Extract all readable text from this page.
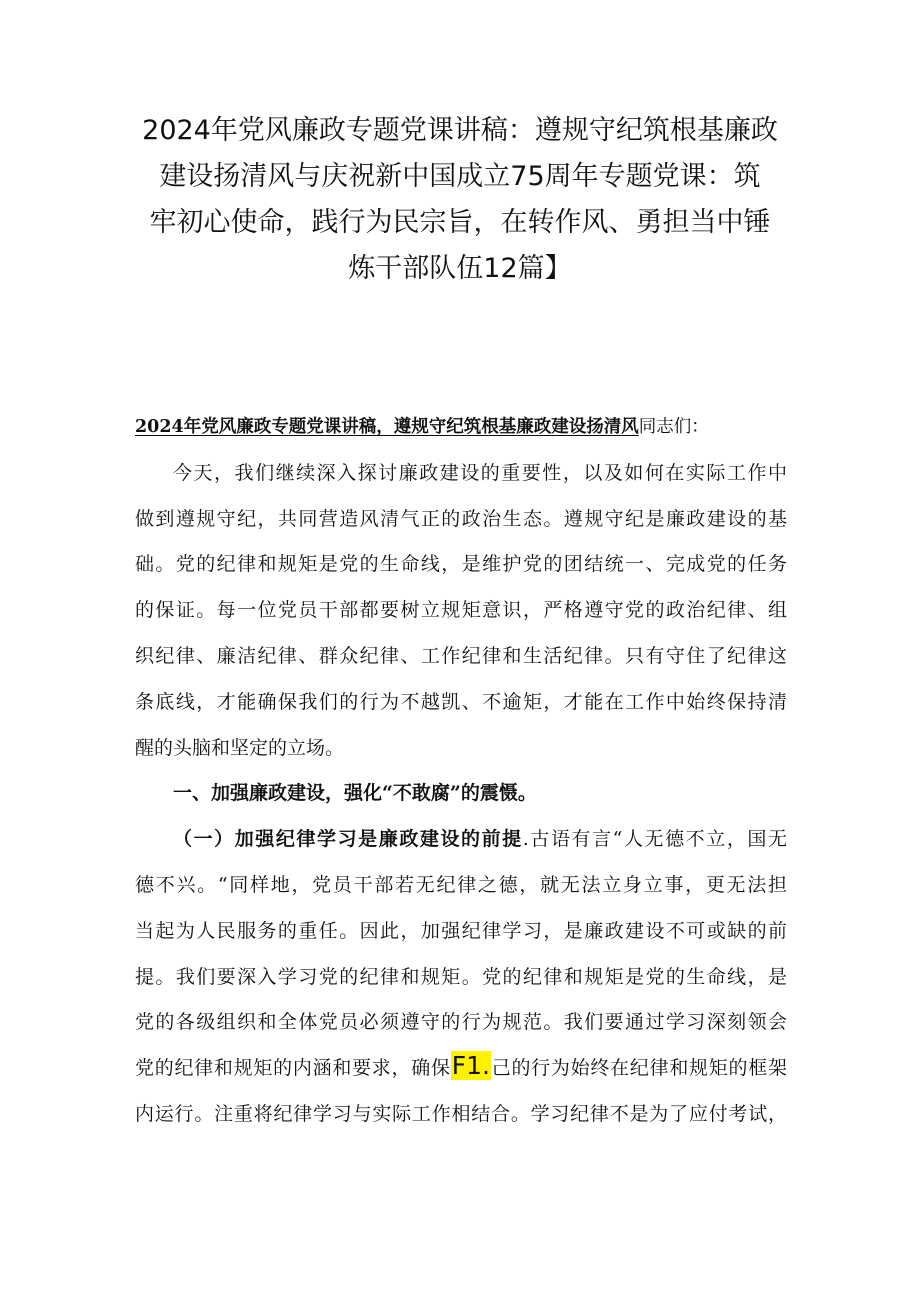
2024年党风廉政专题党课讲稿：遵规守纪筑根基廉政
建设扬清风与庆祝新中国成立75周年专题党课：筑
牢初心使命，践行为民宗旨，在转作风、勇担当中锤
炼干部队伍12篇】

2024年党风廉政专题党课讲稿，遵规守纪筑根基廉政建设扬清风同志们：

今天，我们继续深入探讨廉政建设的重要性，以及如何在实际工作中
做到遵规守纪，共同营造风清气正的政治生态。遵规守纪是廉政建设的基
础。党的纪律和规矩是党的生命线，是维护党的团结统一、完成党的任务
的保证。每一位党员干部都要树立规矩意识，严格遵守党的政治纪律、组
织纪律、廉洁纪律、群众纪律、工作纪律和生活纪律。只有守住了纪律这
条底线，才能确保我们的行为不越凯、不逾矩，才能在工作中始终保持清
醒的头脑和坚定的立场。

一、加强廉政建设，强化“不敢腐”的震慑。

（一）加强纪律学习是廉政建设的前提.古语有言“人无德不立，国无
德不兴。“同样地，党员干部若无纪律之德，就无法立身立事，更无法担
当起为人民服务的重任。因此，加强纪律学习，是廉政建设不可或缺的前
提。我们要深入学习党的纪律和规矩。党的纪律和规矩是党的生命线，是
党的各级组织和全体党员必须遵守的行为规范。我们要通过学习深刻领会
党的纪律和规矩的内涵和要求，确保F1.己的行为始终在纪律和规矩的框架
内运行。注重将纪律学习与实际工作相结合。学习纪律不是为了应付考试，
